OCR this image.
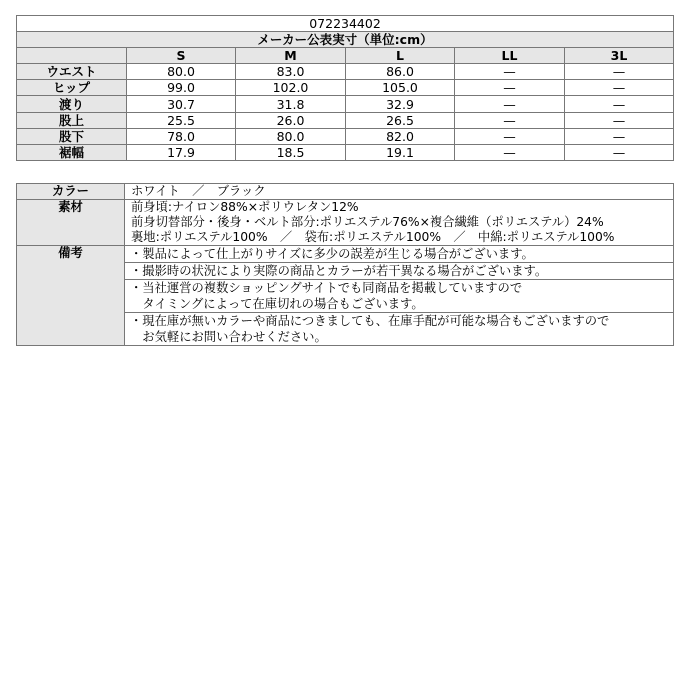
072234402					
メーカー公表実寸（単位:cm）					
	S	M	L	LL	3L
ウエスト	80.0	83.0	86.0	—	—
ヒップ	99.0	102.0	105.0	—	—
渡り	30.7	31.8	32.9	—	—
股上	25.5	26.0	26.5	—	—
股下	78.0	80.0	82.0	—	—
裾幅	17.9	18.5	19.1	—	—
カラー	ホワイト　／　ブラック
素材	前身頃:ナイロン88%×ポリウレタン12%
前身切替部分・後身・ベルト部分:ポリエステル76%×複合繊維（ポリエステル）24%
裏地:ポリエステル100%　／　袋布:ポリエステル100%　／　中綿:ポリエステル100%

備考	・製品によって仕上がりサイズに多少の誤差が生じる場合がございます。

	・撮影時の状況により実際の商品とカラーが若干異なる場合がございます。

	・当社運営の複数ショッピングサイトでも同商品を掲載していますので
　タイミングによって在庫切れの場合もございます。

	・現在庫が無いカラーや商品につきましても、在庫手配が可能な場合もございますので
　お気軽にお問い合わせください。
